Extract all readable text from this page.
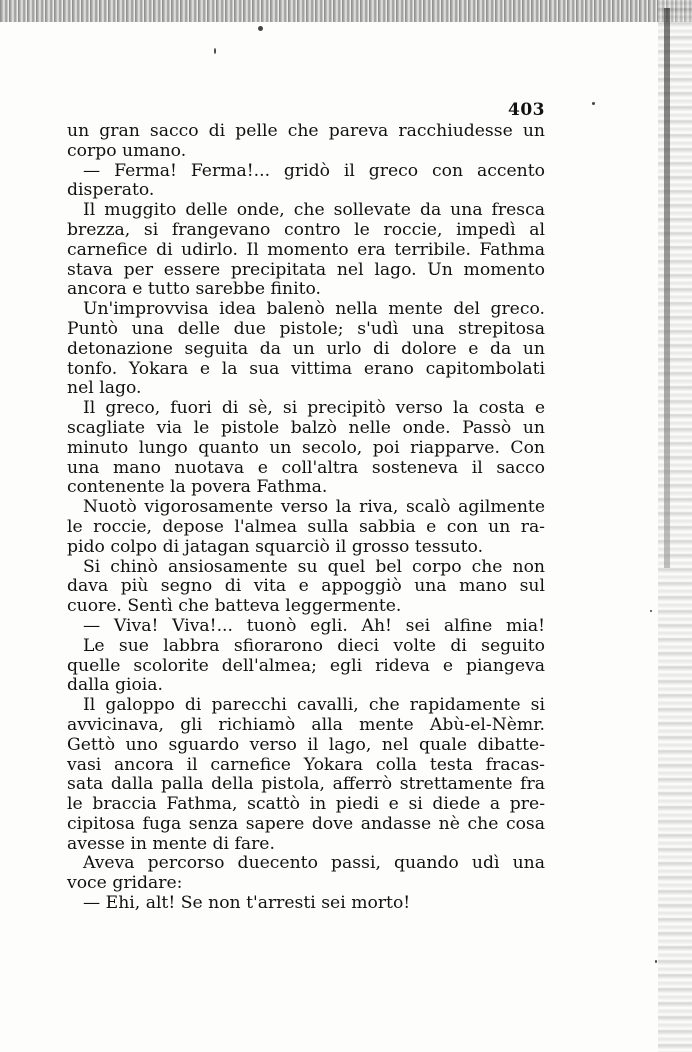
403
un gran sacco di pelle che pareva racchiudesse un
corpo umano.
— Ferma! Ferma!... gridò il greco con accento
disperato.
Il muggito delle onde, che sollevate da una fresca
brezza, si frangevano contro le roccie, impedì al
carnefice di udirlo. Il momento era terribile. Fathma
stava per essere precipitata nel lago. Un momento
ancora e tutto sarebbe finito.
Un'improvvisa idea balenò nella mente del greco.
Puntò una delle due pistole; s'udì una strepitosa
detonazione seguita da un urlo di dolore e da un
tonfo. Yokara e la sua vittima erano capitombolati
nel lago.
Il greco, fuori di sè, si precipitò verso la costa e
scagliate via le pistole balzò nelle onde. Passò un
minuto lungo quanto un secolo, poi riapparve. Con
una mano nuotava e coll'altra sosteneva il sacco
contenente la povera Fathma.
Nuotò vigorosamente verso la riva, scalò agilmente
le roccie, depose l'almea sulla sabbia e con un ra-
pido colpo di jatagan squarciò il grosso tessuto.
Si chinò ansiosamente su quel bel corpo che non
dava più segno di vita e appoggiò una mano sul
cuore. Sentì che batteva leggermente.
— Viva! Viva!... tuonò egli. Ah! sei alfine mia!
Le sue labbra sfiorarono dieci volte di seguito
quelle scolorite dell'almea; egli rideva e piangeva
dalla gioia.
Il galoppo di parecchi cavalli, che rapidamente si
avvicinava, gli richiamò alla mente Abù-el-Nèmr.
Gettò uno sguardo verso il lago, nel quale dibatte-
vasi ancora il carnefice Yokara colla testa fracas-
sata dalla palla della pistola, afferrò strettamente fra
le braccia Fathma, scattò in piedi e si diede a pre-
cipitosa fuga senza sapere dove andasse nè che cosa
avesse in mente di fare.
Aveva percorso duecento passi, quando udì una
voce gridare:
— Ehi, alt! Se non t'arresti sei morto!
